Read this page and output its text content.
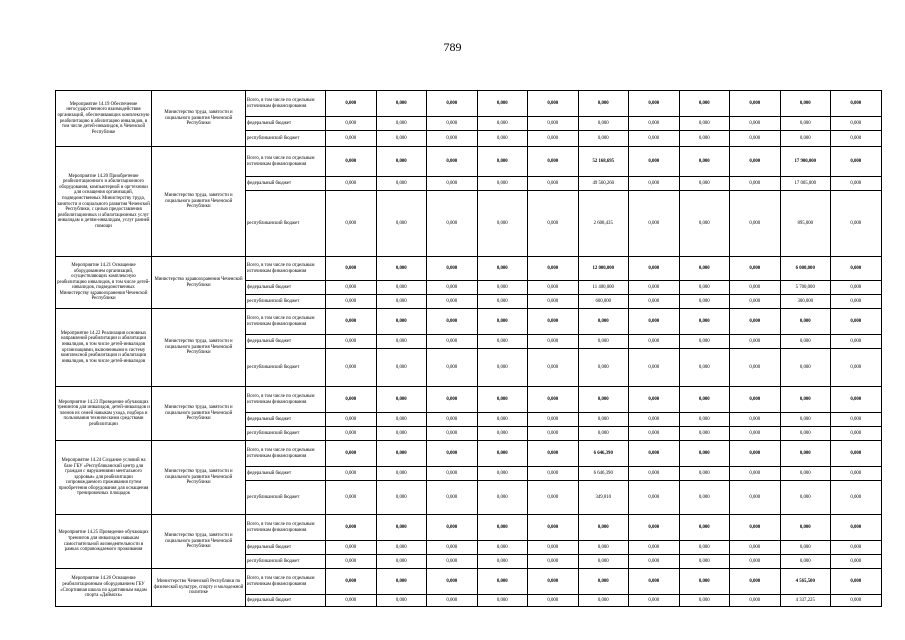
789
Мероприятие 14.19 Обеспечение негосударственного взаимодействия организаций, обеспечивающих комплексную реабилитацию и абилитацию инвалидов, в том числе детей-инвалидов, в Чеченской Республике	Министерство труда, занятости и социального развития Чеченской Республики	Всего, в том числе по отдельным источникам финансирования	0,000	0,000	0,000	0,000	0,000	0,000	0,000	0,000	0,000	0,000	0,000
		федеральный бюджет	0,000	0,000	0,000	0,000	0,000	0,000	0,000	0,000	0,000	0,000	0,000
		республиканский бюджет	0,000	0,000	0,000	0,000	0,000	0,000	0,000	0,000	0,000	0,000	0,000
Мероприятие 14.20 Приобретение реабилитационного и абилитационного оборудования, компьютерной и оргтехники для оснащения организаций, подведомственных Министерству труда, занятости и социального развития Чеченской Республики, с целью предоставления реабилитационных и абилитационных услуг инвалидам и детям-инвалидам, услуг ранней помощи	Министерство труда, занятости и социального развития Чеченской Республики	Всего, в том числе по отдельным источникам финансирования	0,000	0,000	0,000	0,000	0,000	52 168,695	0,000	0,000	0,000	17 900,000	0,000
		федеральный бюджет	0,000	0,000	0,000	0,000	0,000	49 560,260	0,000	0,000	0,000	17 005,000	0,000
		республиканский бюджет	0,000	0,000	0,000	0,000	0,000	2 608,435	0,000	0,000	0,000	895,000	0,000
Мероприятие 14.21 Оснащение оборудованием организаций, осуществляющих комплексную реабилитацию инвалидов, в том числе детей-инвалидов, подведомственных Министерству здравоохранения Чеченской Республики	Министерство здравоохранения Чеченской Республики	Всего, в том числе по отдельным источникам финансирования	0,000	0,000	0,000	0,000	0,000	12 000,000	0,000	0,000	0,000	6 000,000	0,000
		федеральный бюджет	0,000	0,000	0,000	0,000	0,000	11 400,000	0,000	0,000	0,000	5 700,000	0,000
		республиканский бюджет	0,000	0,000	0,000	0,000	0,000	600,000	0,000	0,000	0,000	300,000	0,000
Мероприятие 14.22 Реализация основных направлений реабилитации и абилитации инвалидов, в том числе детей-инвалидов организациями, включенными в систему комплексной реабилитации и абилитации инвалидов, в том числе детей-инвалидов	Министерство труда, занятости и социального развития Чеченской Республики	Всего, в том числе по отдельным источникам финансирования	0,000	0,000	0,000	0,000	0,000	0,000	0,000	0,000	0,000	0,000	0,000
		федеральный бюджет	0,000	0,000	0,000	0,000	0,000	0,000	0,000	0,000	0,000	0,000	0,000
		республиканский бюджет	0,000	0,000	0,000	0,000	0,000	0,000	0,000	0,000	0,000	0,000	0,000
Мероприятие 14.23 Проведение обучающих тренингов для инвалидов, детей-инвалидов и членов их семей навыкам ухода, подбора и пользования техническими средствами реабилитации	Министерство труда, занятости и социального развития Чеченской Республики	Всего, в том числе по отдельным источникам финансирования	0,000	0,000	0,000	0,000	0,000	0,000	0,000	0,000	0,000	0,000	0,000
		федеральный бюджет	0,000	0,000	0,000	0,000	0,000	0,000	0,000	0,000	0,000	0,000	0,000
		республиканский бюджет	0,000	0,000	0,000	0,000	0,000	0,000	0,000	0,000	0,000	0,000	0,000
Мероприятие 14.24 Создание условий на базе ГБУ «Республиканский центр для граждан с нарушениями ментального здоровья» для реабилитации сопровождаемого проживания путем приобретения оборудования для оснащения тренировочных площадок	Министерство труда, занятости и социального развития Чеченской Республики	Всего, в том числе по отдельным источникам финансирования	0,000	0,000	0,000	0,000	0,000	6 646,390	0,000	0,000	0,000	0,000	0,000
		федеральный бюджет	0,000	0,000	0,000	0,000	0,000	6 646,390	0,000	0,000	0,000	0,000	0,000
		республиканский бюджет	0,000	0,000	0,000	0,000	0,000	349,810	0,000	0,000	0,000	0,000	0,000
Мероприятие 14.25 Проведение обучающих тренингов для инвалидов навыкам самостоятельной жизнедеятельности в рамках сопровождаемого проживания	Министерство труда, занятости и социального развития Чеченской Республики	Всего, в том числе по отдельным источникам финансирования	0,000	0,000	0,000	0,000	0,000	0,000	0,000	0,000	0,000	0,000	0,000
		федеральный бюджет	0,000	0,000	0,000	0,000	0,000	0,000	0,000	0,000	0,000	0,000	0,000
		республиканский бюджет	0,000	0,000	0,000	0,000	0,000	0,000	0,000	0,000	0,000	0,000	0,000
Мероприятие 14.26 Оснащение реабилитационным оборудованием ГБУ «Спортивная школа по адаптивным видам спорта «Даймохк»	Министерство Чеченской Республики по физической культуре, спорту и молодежной политике	Всего, в том числе по отдельным источникам финансирования	0,000	0,000	0,000	0,000	0,000	0,000	0,000	0,000	0,000	4 565,500	0,000
		федеральный бюджет	0,000	0,000	0,000	0,000	0,000	0,000	0,000	0,000	0,000	4 337,225	0,000
